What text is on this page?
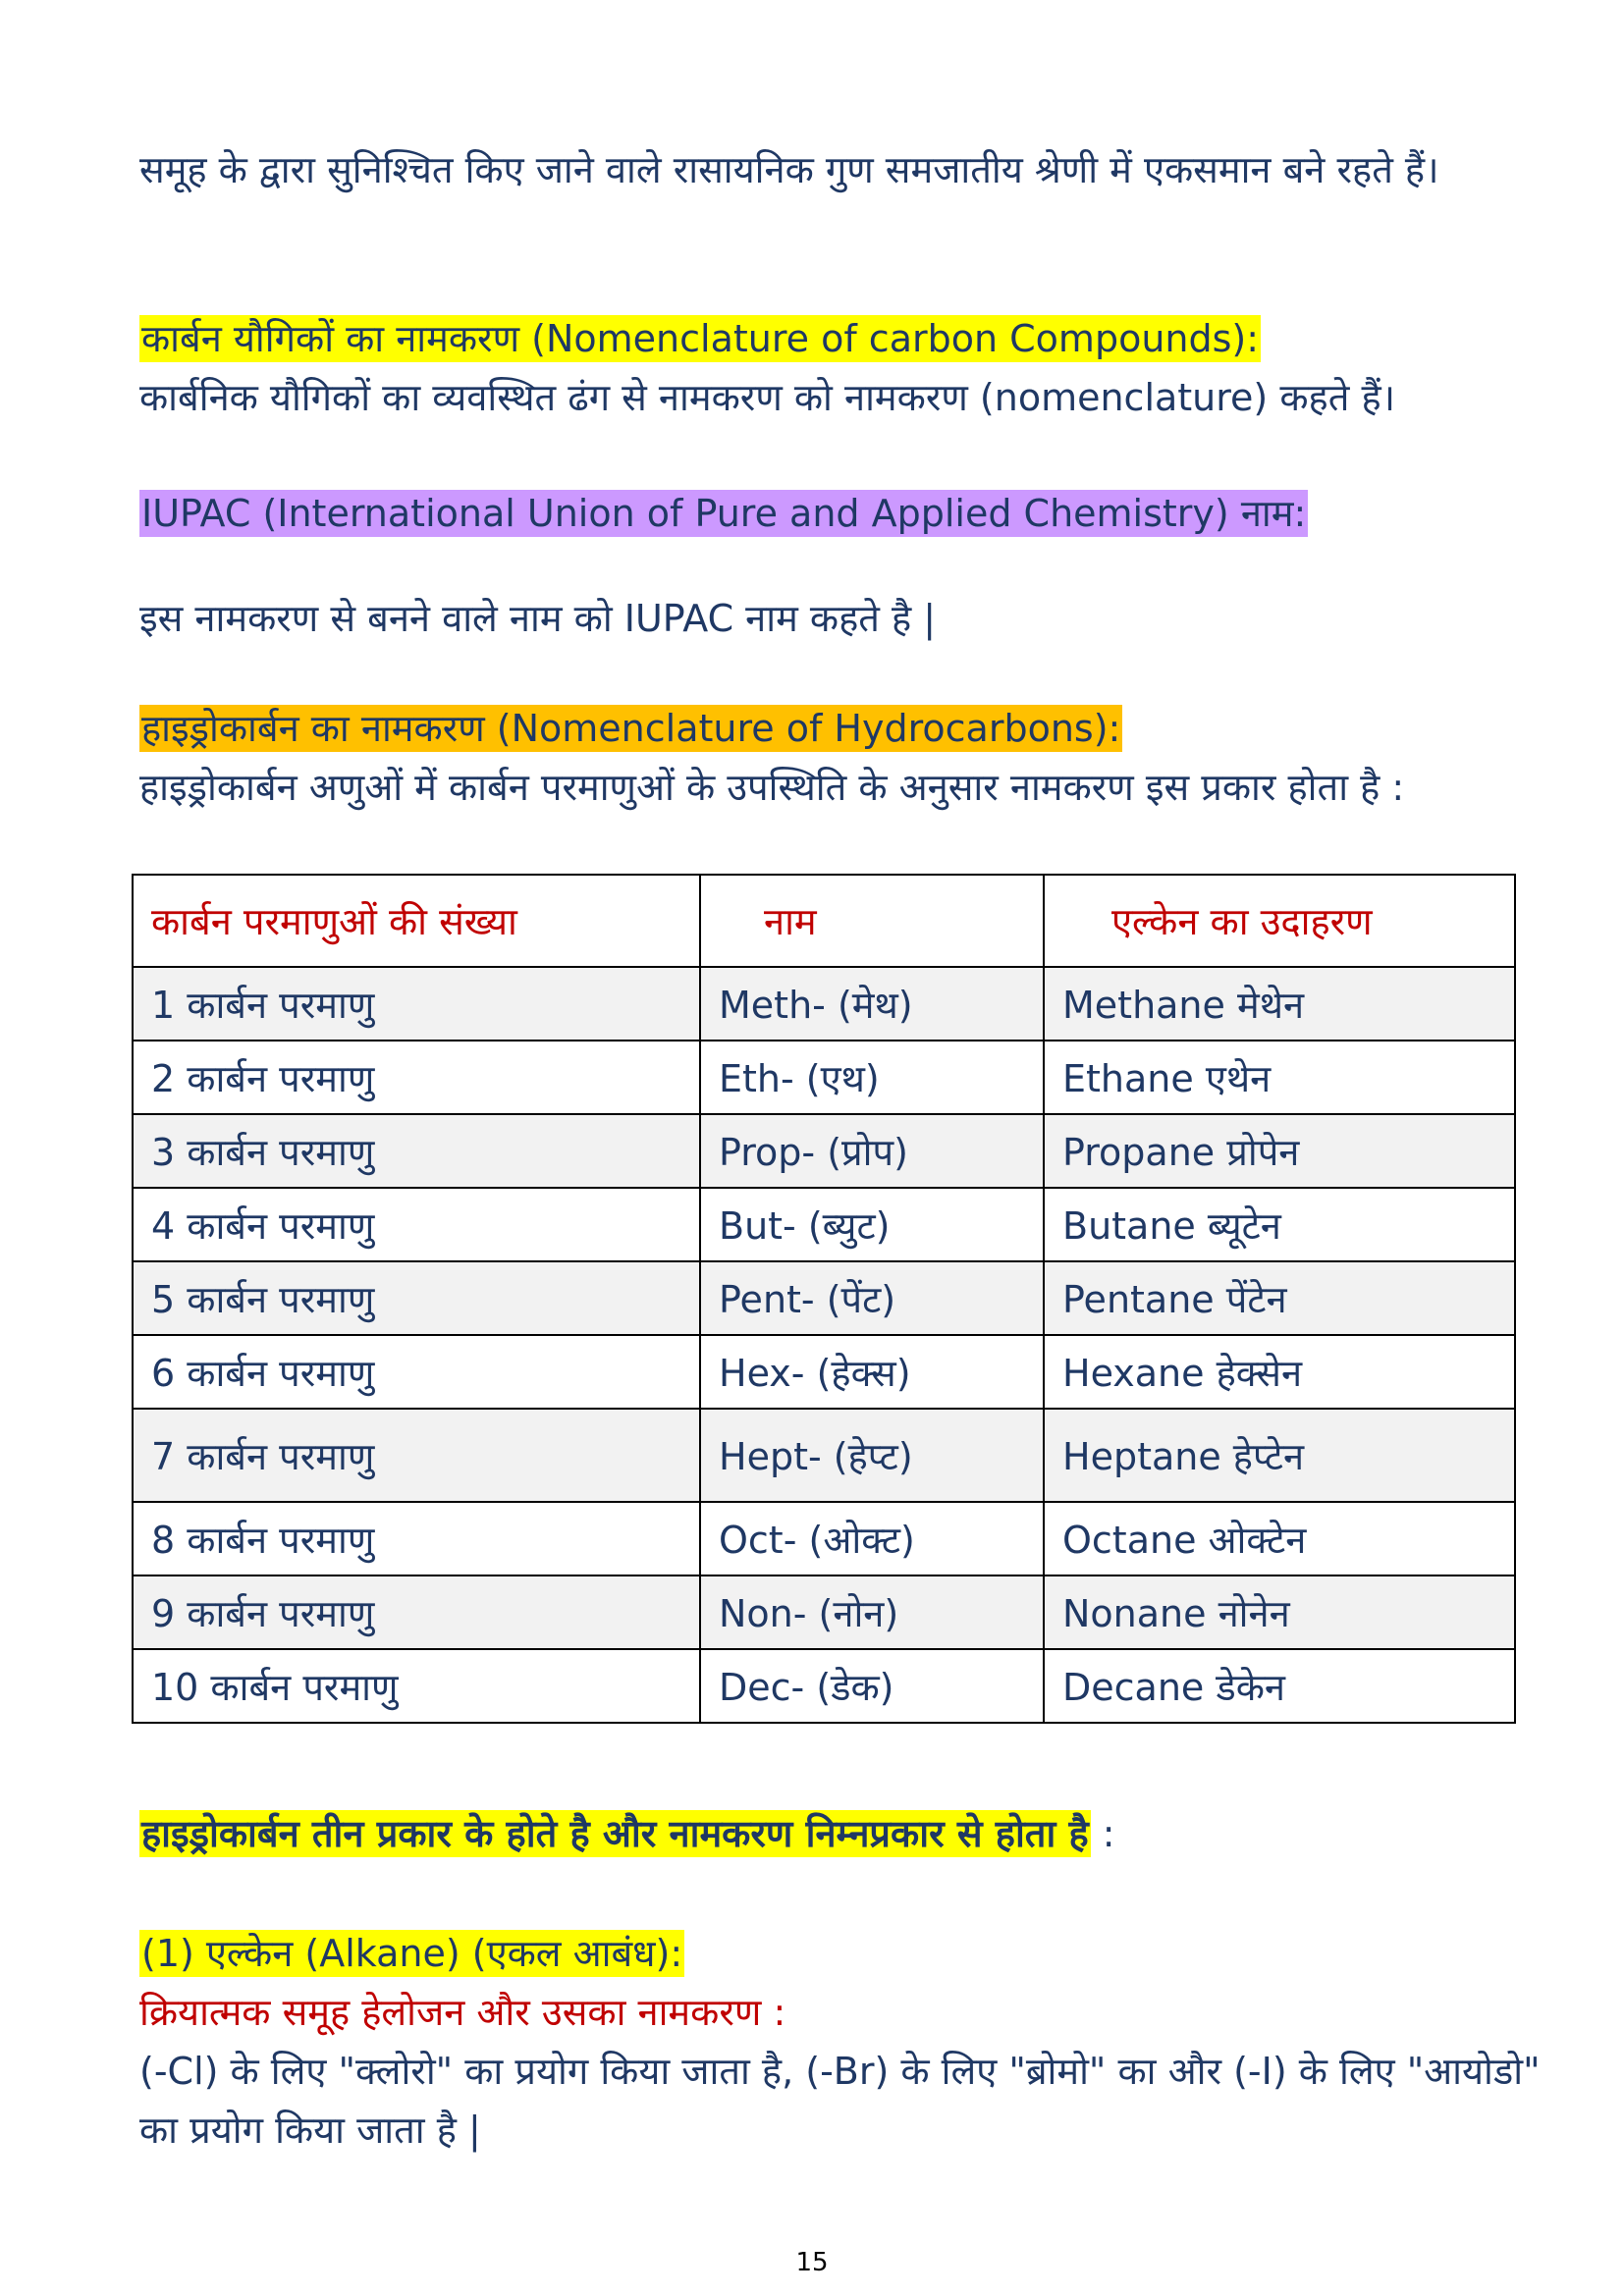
समूह के द्वारा सुनिश्चित किए जाने वाले रासायनिक गुण समजातीय श्रेणी में एकसमान बने रहते हैं।

कार्बन यौगिकों का नामकरण (Nomenclature of carbon Compounds):

कार्बनिक यौगिकों का व्यवस्थित ढंग से नामकरण को नामकरण (nomenclature) कहते हैं।

IUPAC (International Union of Pure and Applied Chemistry) नाम:

इस नामकरण से बनने वाले नाम को IUPAC नाम कहते है |

हाइड्रोकार्बन का नामकरण (Nomenclature of Hydrocarbons):

हाइड्रोकार्बन अणुओं में कार्बन परमाणुओं के उपस्थिति के अनुसार नामकरण इस प्रकार होता है :

कार्बन परमाणुओं की संख्या	नाम	एल्केन का उदाहरण
1 कार्बन परमाणु	Meth- (मेथ)	Methane मेथेन
2 कार्बन परमाणु	Eth- (एथ)	Ethane एथेन
3 कार्बन परमाणु	Prop- (प्रोप)	Propane प्रोपेन
4 कार्बन परमाणु	But- (ब्युट)	Butane ब्यूटेन
5 कार्बन परमाणु	Pent- (पेंट)	Pentane पेंटेन
6 कार्बन परमाणु	Hex- (हेक्स)	Hexane हेक्सेन
7 कार्बन परमाणु	Hept- (हेप्ट)	Heptane हेप्टेन
8 कार्बन परमाणु	Oct- (ओक्ट)	Octane ओक्टेन
9 कार्बन परमाणु	Non- (नोन)	Nonane नोनेन
10 कार्बन परमाणु	Dec- (डेक)	Decane डेकेन

हाइड्रोकार्बन तीन प्रकार के होते है और नामकरण निम्नप्रकार से होता है :

(1) एल्केन (Alkane) (एकल आबंध):

क्रियात्मक समूह हेलोजन और उसका नामकरण :

(-Cl) के लिए "क्लोरो" का प्रयोग किया जाता है, (-Br) के लिए "ब्रोमो" का और (-I) के लिए "आयोडो" का प्रयोग किया जाता है |

15
